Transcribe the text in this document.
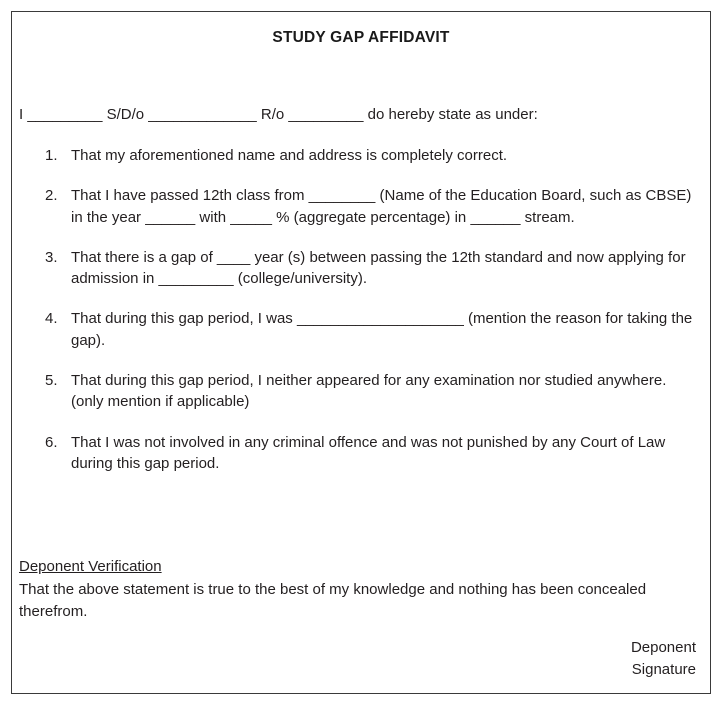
STUDY GAP AFFIDAVIT

I _________ S/D/o _____________ R/o _________ do hereby state as under:

1. That my aforementioned name and address is completely correct.
2. That I have passed 12th class from ________ (Name of the Education Board, such as CBSE) in the year ______ with _____ % (aggregate percentage) in ______ stream.
3. That there is a gap of ____ year (s) between passing the 12th standard and now applying for admission in _________ (college/university).
4. That during this gap period, I was ____________________ (mention the reason for taking the gap).
5. That during this gap period, I neither appeared for any examination nor studied anywhere. (only mention if applicable)
6. That I was not involved in any criminal offence and was not punished by any Court of Law during this gap period.
Deponent Verification

That the above statement is true to the best of my knowledge and nothing has been concealed therefrom.

Deponent
Signature
